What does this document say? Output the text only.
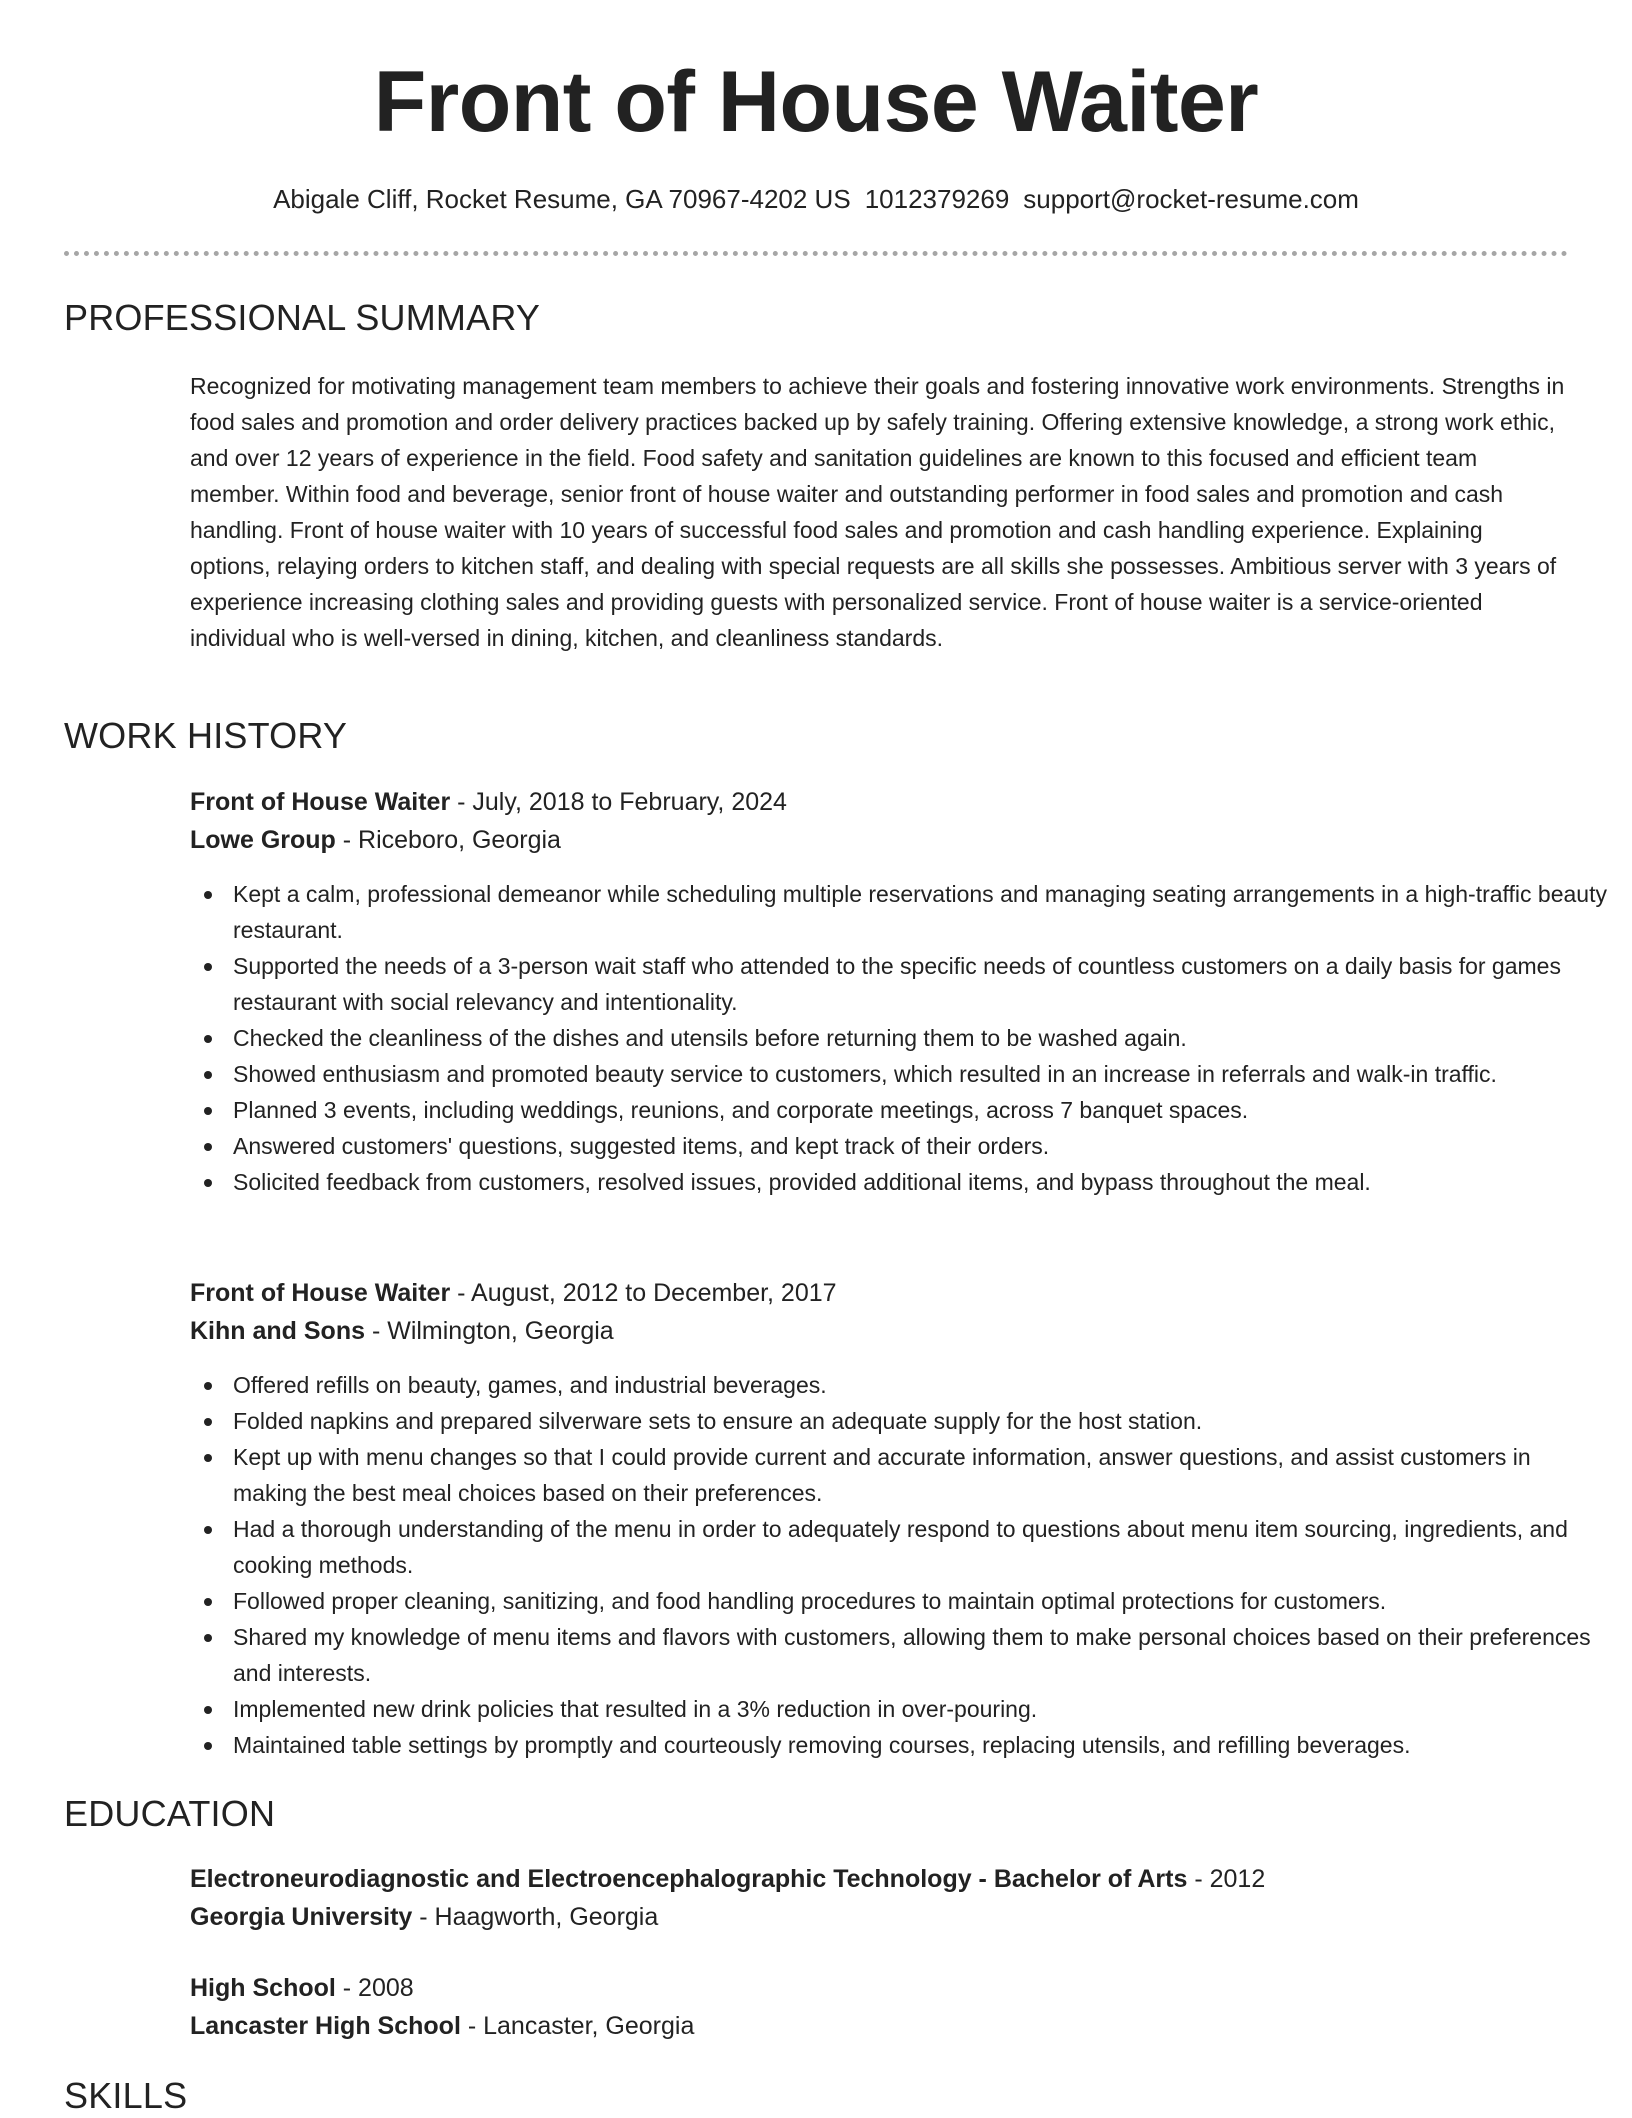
Front of House Waiter
Abigale Cliff, Rocket Resume, GA 70967-4202 US 1012379269 support@rocket-resume.com
PROFESSIONAL SUMMARY

Recognized for motivating management team members to achieve their goals and fostering innovative work environments. Strengths in food sales and promotion and order delivery practices backed up by safely training. Offering extensive knowledge, a strong work ethic, and over 12 years of experience in the field. Food safety and sanitation guidelines are known to this focused and efficient team member. Within food and beverage, senior front of house waiter and outstanding performer in food sales and promotion and cash handling. Front of house waiter with 10 years of successful food sales and promotion and cash handling experience. Explaining options, relaying orders to kitchen staff, and dealing with special requests are all skills she possesses. Ambitious server with 3 years of experience increasing clothing sales and providing guests with personalized service. Front of house waiter is a service-oriented individual who is well-versed in dining, kitchen, and cleanliness standards.

WORK HISTORY
Front of House Waiter - July, 2018 to February, 2024
Lowe Group - Riceboro, Georgia
Kept a calm, professional demeanor while scheduling multiple reservations and managing seating arrangements in a high-traffic beauty restaurant.
Supported the needs of a 3-person wait staff who attended to the specific needs of countless customers on a daily basis for games restaurant with social relevancy and intentionality.
Checked the cleanliness of the dishes and utensils before returning them to be washed again.
Showed enthusiasm and promoted beauty service to customers, which resulted in an increase in referrals and walk-in traffic.
Planned 3 events, including weddings, reunions, and corporate meetings, across 7 banquet spaces.
Answered customers' questions, suggested items, and kept track of their orders.
Solicited feedback from customers, resolved issues, provided additional items, and bypass throughout the meal.
Front of House Waiter - August, 2012 to December, 2017
Kihn and Sons - Wilmington, Georgia
Offered refills on beauty, games, and industrial beverages.
Folded napkins and prepared silverware sets to ensure an adequate supply for the host station.
Kept up with menu changes so that I could provide current and accurate information, answer questions, and assist customers in making the best meal choices based on their preferences.
Had a thorough understanding of the menu in order to adequately respond to questions about menu item sourcing, ingredients, and cooking methods.
Followed proper cleaning, sanitizing, and food handling procedures to maintain optimal protections for customers.
Shared my knowledge of menu items and flavors with customers, allowing them to make personal choices based on their preferences and interests.
Implemented new drink policies that resulted in a 3% reduction in over-pouring.
Maintained table settings by promptly and courteously removing courses, replacing utensils, and refilling beverages.
EDUCATION
Electroneurodiagnostic and Electroencephalographic Technology - Bachelor of Arts - 2012
Georgia University - Haagworth, Georgia
High School - 2008
Lancaster High School - Lancaster, Georgia
SKILLS
